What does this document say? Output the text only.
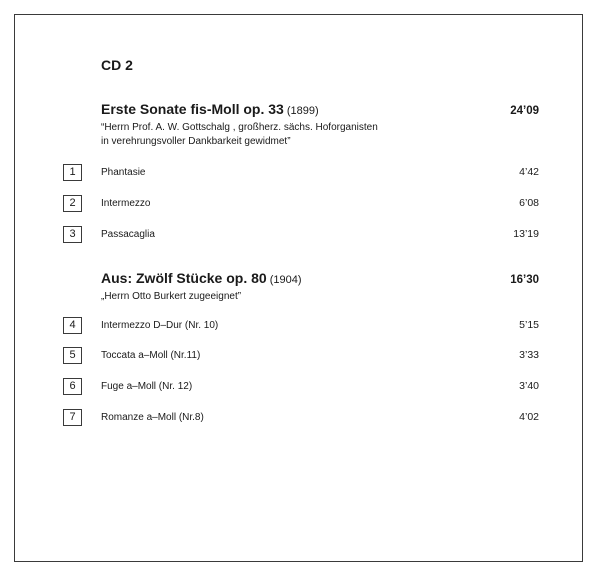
CD 2
Erste Sonate fis-Moll op. 33 (1899)	24’09
“Herrn Prof. A. W. Gottschalg , großherz. sächs. Hoforganisten
in verehrungsvoller Dankbarkeit gewidmet”
1	Phantasie	4’42
2	Intermezzo	6’08
3	Passacaglia	13’19
Aus: Zwölf Stücke op. 80 (1904)	16’30
„Herrn Otto Burkert zugeeignet”
4	Intermezzo D–Dur (Nr. 10)	5’15
5	Toccata a–Moll (Nr.11)	3’33
6	Fuge a–Moll (Nr. 12)	3’40
7	Romanze a–Moll (Nr.8)	4’02
